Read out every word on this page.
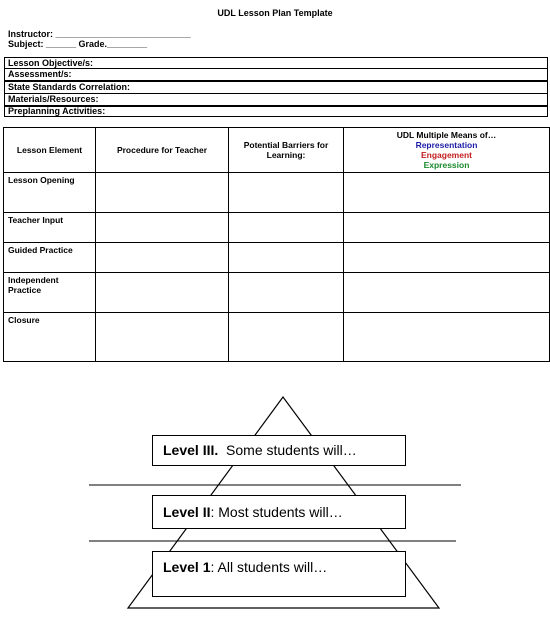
UDL Lesson Plan Template
Instructor: ___________________________
Subject: ______ Grade.________
Lesson Objective/s:
Assessment/s:
State Standards Correlation:
Materials/Resources:
Preplanning Activities:
Lesson Element	Procedure for Teacher	Potential Barriers for Learning:	UDL Multiple Means of…
Representation
Engagement
Expression

Lesson Opening			
Teacher Input			
Guided Practice			
Independent Practice			
Closure			
Level III. Some students will…
Level II: Most students will…
Level 1: All students will…
